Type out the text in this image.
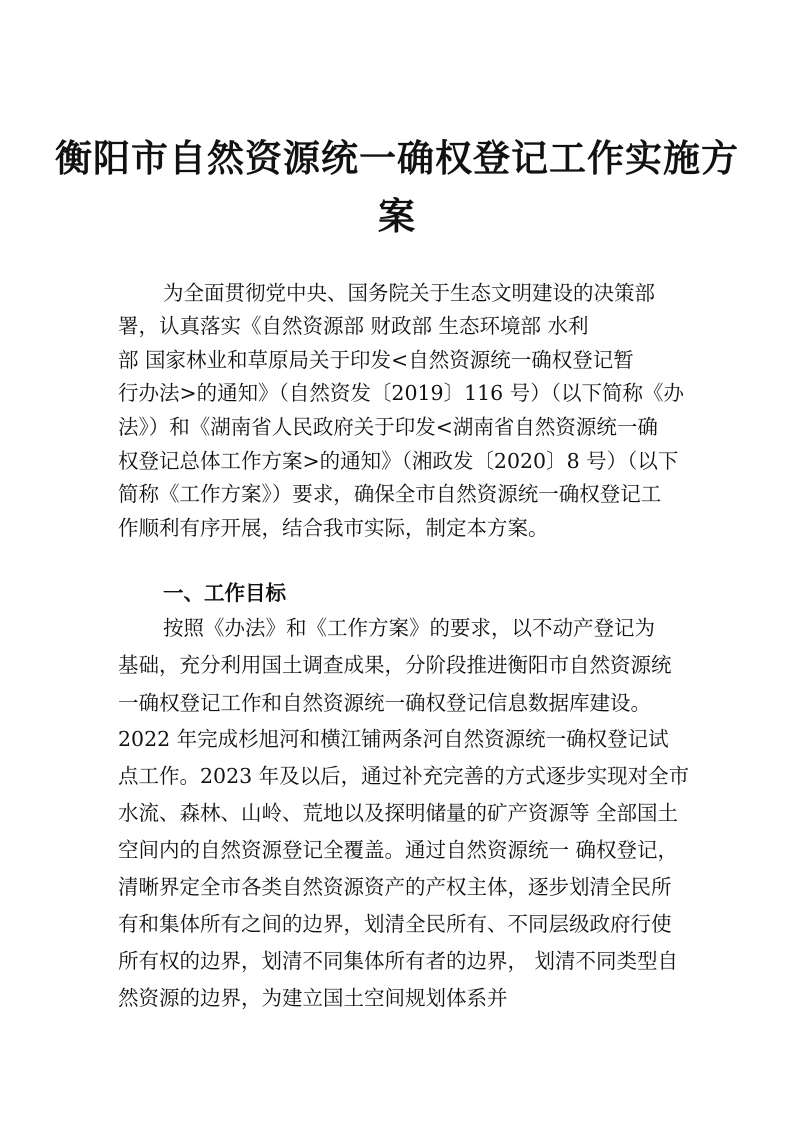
衡阳市自然资源统一确权登记工作实施方
案
为全面贯彻党中央、国务院关于生态文明建设的决策部
署，认真落实《自然资源部 财政部 生态环境部 水利
部 国家林业和草原局关于印发<自然资源统一确权登记暂
行办法>的通知》（自然资发〔2019〕116 号）（以下简称《办
法》）和《湖南省人民政府关于印发<湖南省自然资源统一确
权登记总体工作方案>的通知》（湘政发〔2020〕8 号）（以下
简称《工作方案》）要求，确保全市自然资源统一确权登记工
作顺利有序开展，结合我市实际，制定本方案。
一、工作目标
按照《办法》和《工作方案》的要求，以不动产登记为
基础，充分利用国土调查成果，分阶段推进衡阳市自然资源统
一确权登记工作和自然资源统一确权登记信息数据库建设。
2022 年完成杉旭河和横江铺两条河自然资源统一确权登记试
点工作。2023 年及以后，通过补充完善的方式逐步实现对全市
水流、森林、山岭、荒地以及探明储量的矿产资源等 全部国土
空间内的自然资源登记全覆盖。通过自然资源统一 确权登记，
清晰界定全市各类自然资源资产的产权主体，逐步划清全民所
有和集体所有之间的边界，划清全民所有、不同层级政府行使
所有权的边界，划清不同集体所有者的边界， 划清不同类型自
然资源的边界，为建立国土空间规划体系并
